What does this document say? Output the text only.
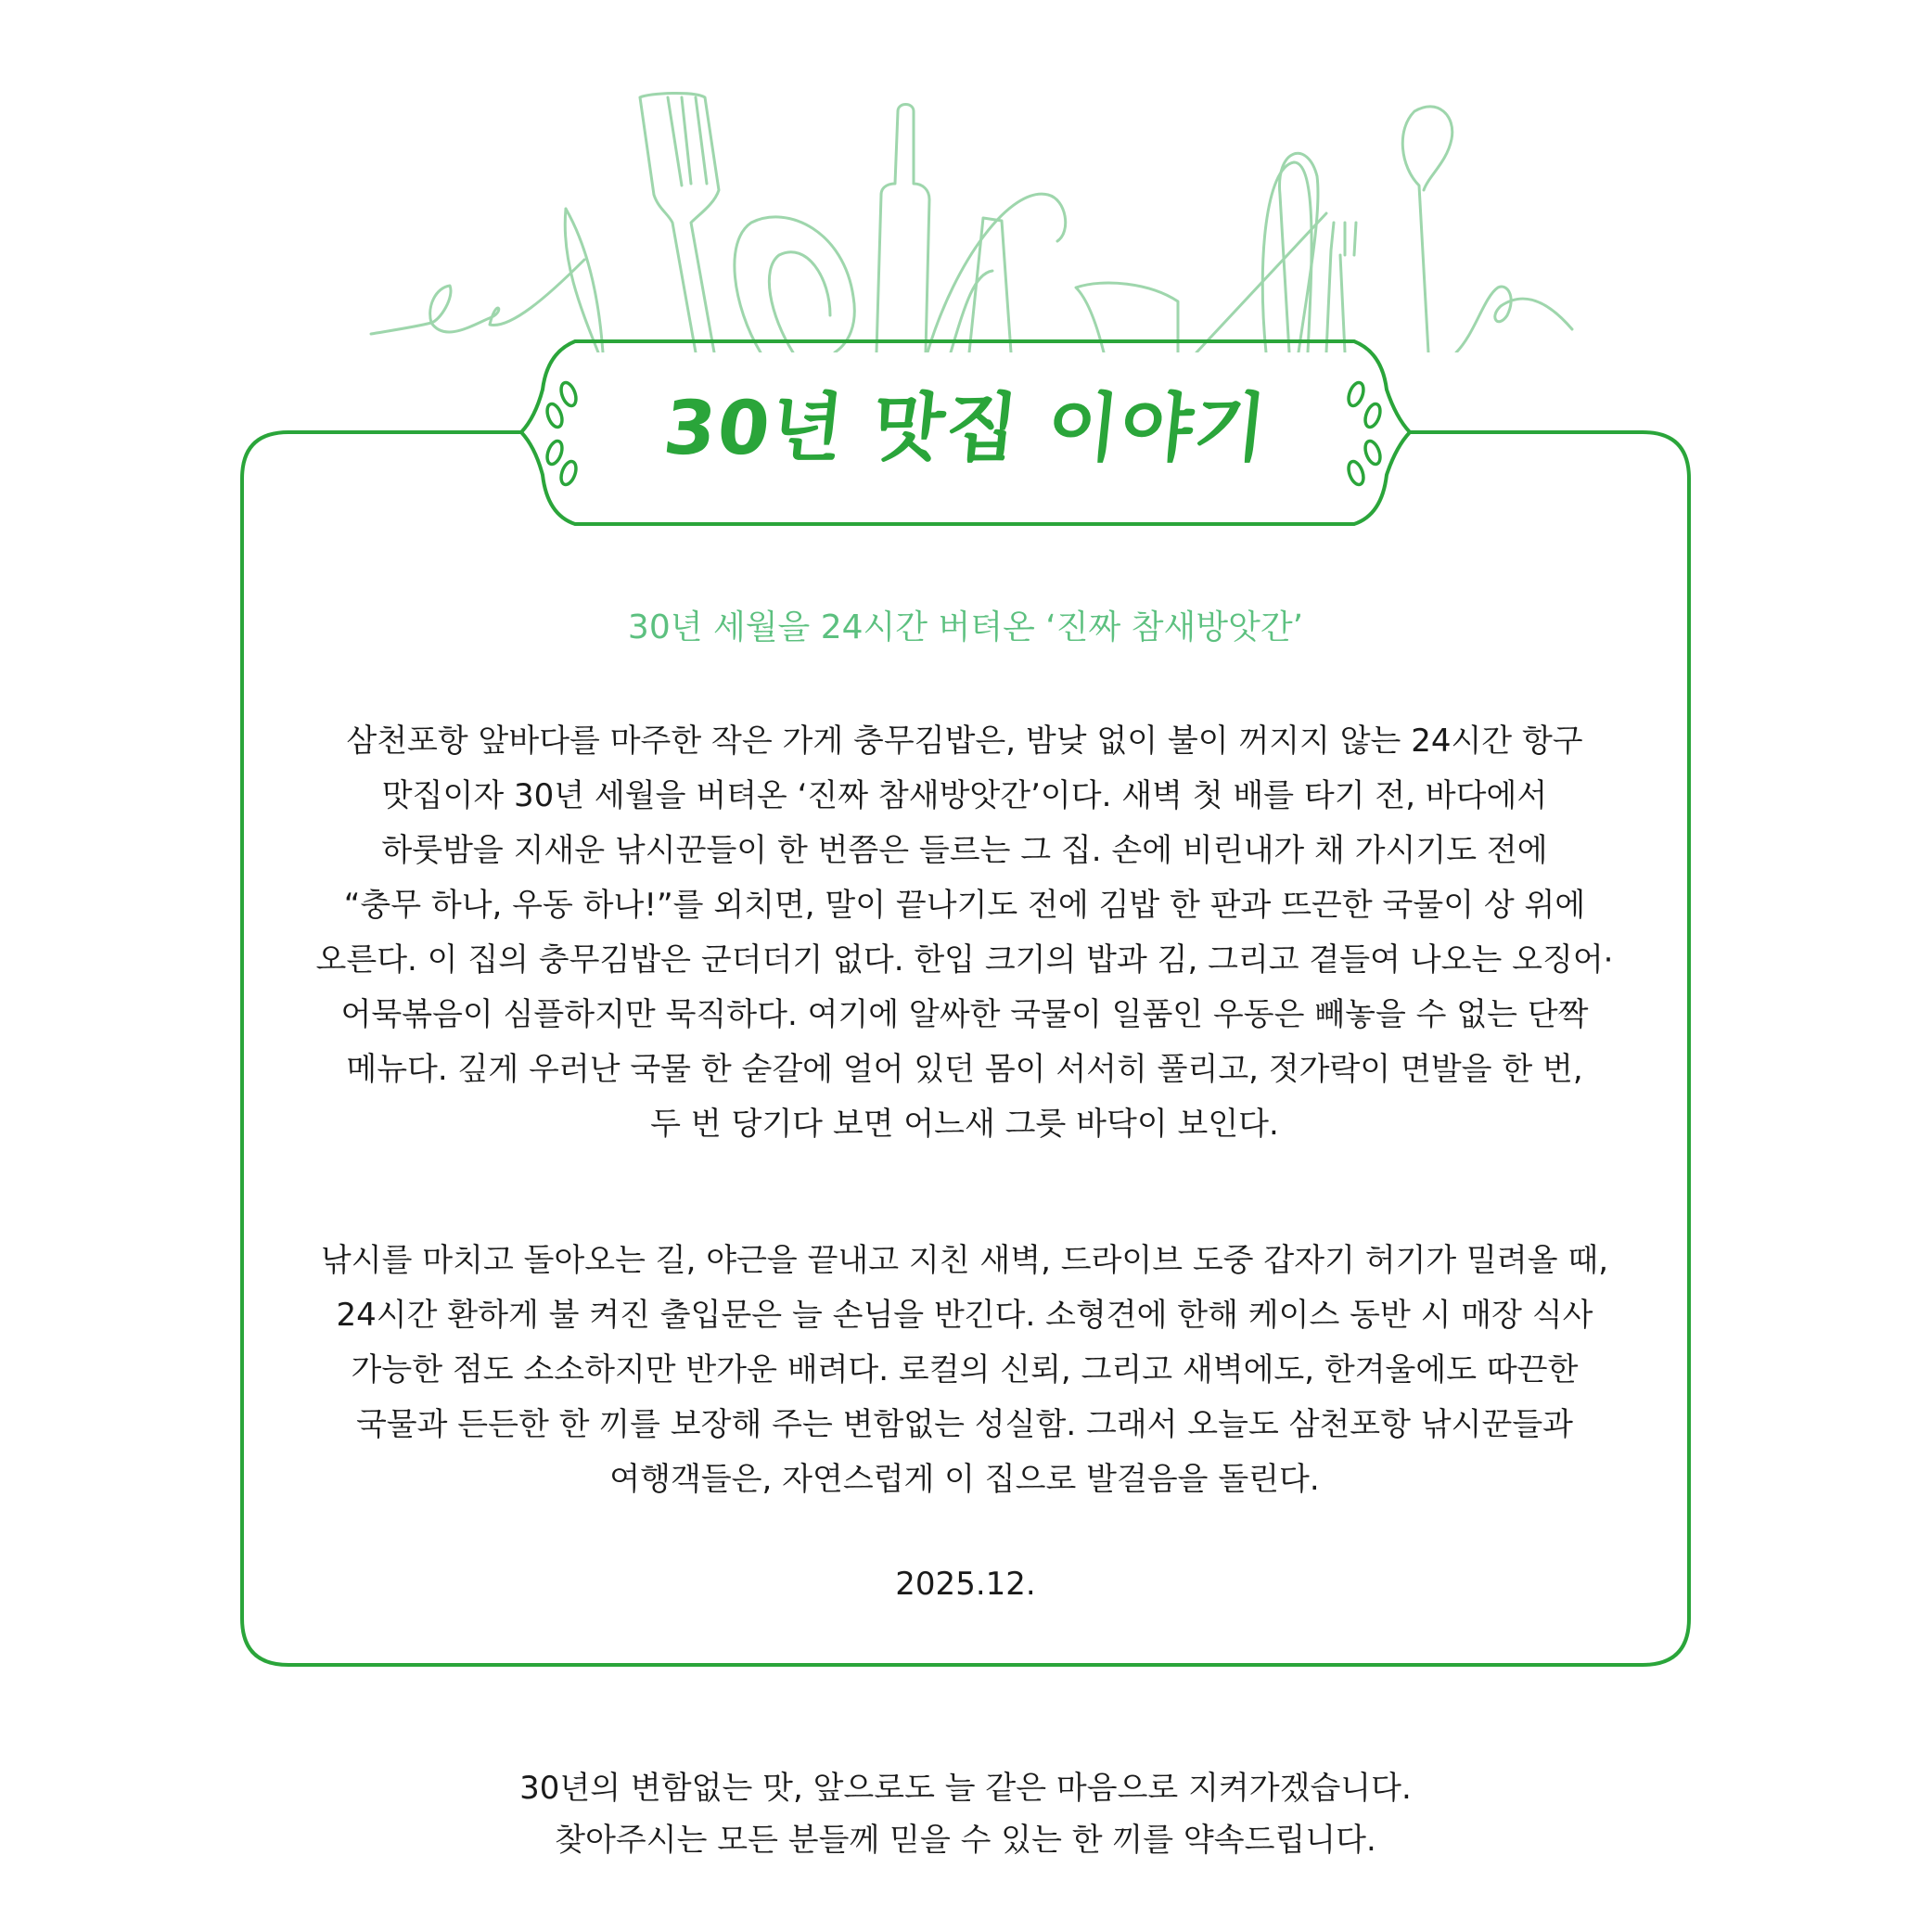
30년 맛집 이야기
30년 세월을 24시간 버텨온 ‘진짜 참새방앗간’
삼천포항 앞바다를 마주한 작은 가게 충무김밥은, 밤낮 없이 불이 꺼지지 않는 24시간 항구
맛집이자 30년 세월을 버텨온 ‘진짜 참새방앗간’이다. 새벽 첫 배를 타기 전, 바다에서
하룻밤을 지새운 낚시꾼들이 한 번쯤은 들르는 그 집. 손에 비린내가 채 가시기도 전에
“충무 하나, 우동 하나!”를 외치면, 말이 끝나기도 전에 김밥 한 판과 뜨끈한 국물이 상 위에
오른다. 이 집의 충무김밥은 군더더기 없다. 한입 크기의 밥과 김, 그리고 곁들여 나오는 오징어·
어묵볶음이 심플하지만 묵직하다. 여기에 알싸한 국물이 일품인 우동은 빼놓을 수 없는 단짝
메뉴다. 깊게 우러난 국물 한 숟갈에 얼어 있던 몸이 서서히 풀리고, 젓가락이 면발을 한 번,
두 번 당기다 보면 어느새 그릇 바닥이 보인다.
낚시를 마치고 돌아오는 길, 야근을 끝내고 지친 새벽, 드라이브 도중 갑자기 허기가 밀려올 때,
24시간 환하게 불 켜진 출입문은 늘 손님을 반긴다. 소형견에 한해 케이스 동반 시 매장 식사
가능한 점도 소소하지만 반가운 배려다. 로컬의 신뢰, 그리고 새벽에도, 한겨울에도 따끈한
국물과 든든한 한 끼를 보장해 주는 변함없는 성실함. 그래서 오늘도 삼천포항 낚시꾼들과
여행객들은, 자연스럽게 이 집으로 발걸음을 돌린다.
2025.12.
30년의 변함없는 맛, 앞으로도 늘 같은 마음으로 지켜가겠습니다.
찾아주시는 모든 분들께 믿을 수 있는 한 끼를 약속드립니다.
